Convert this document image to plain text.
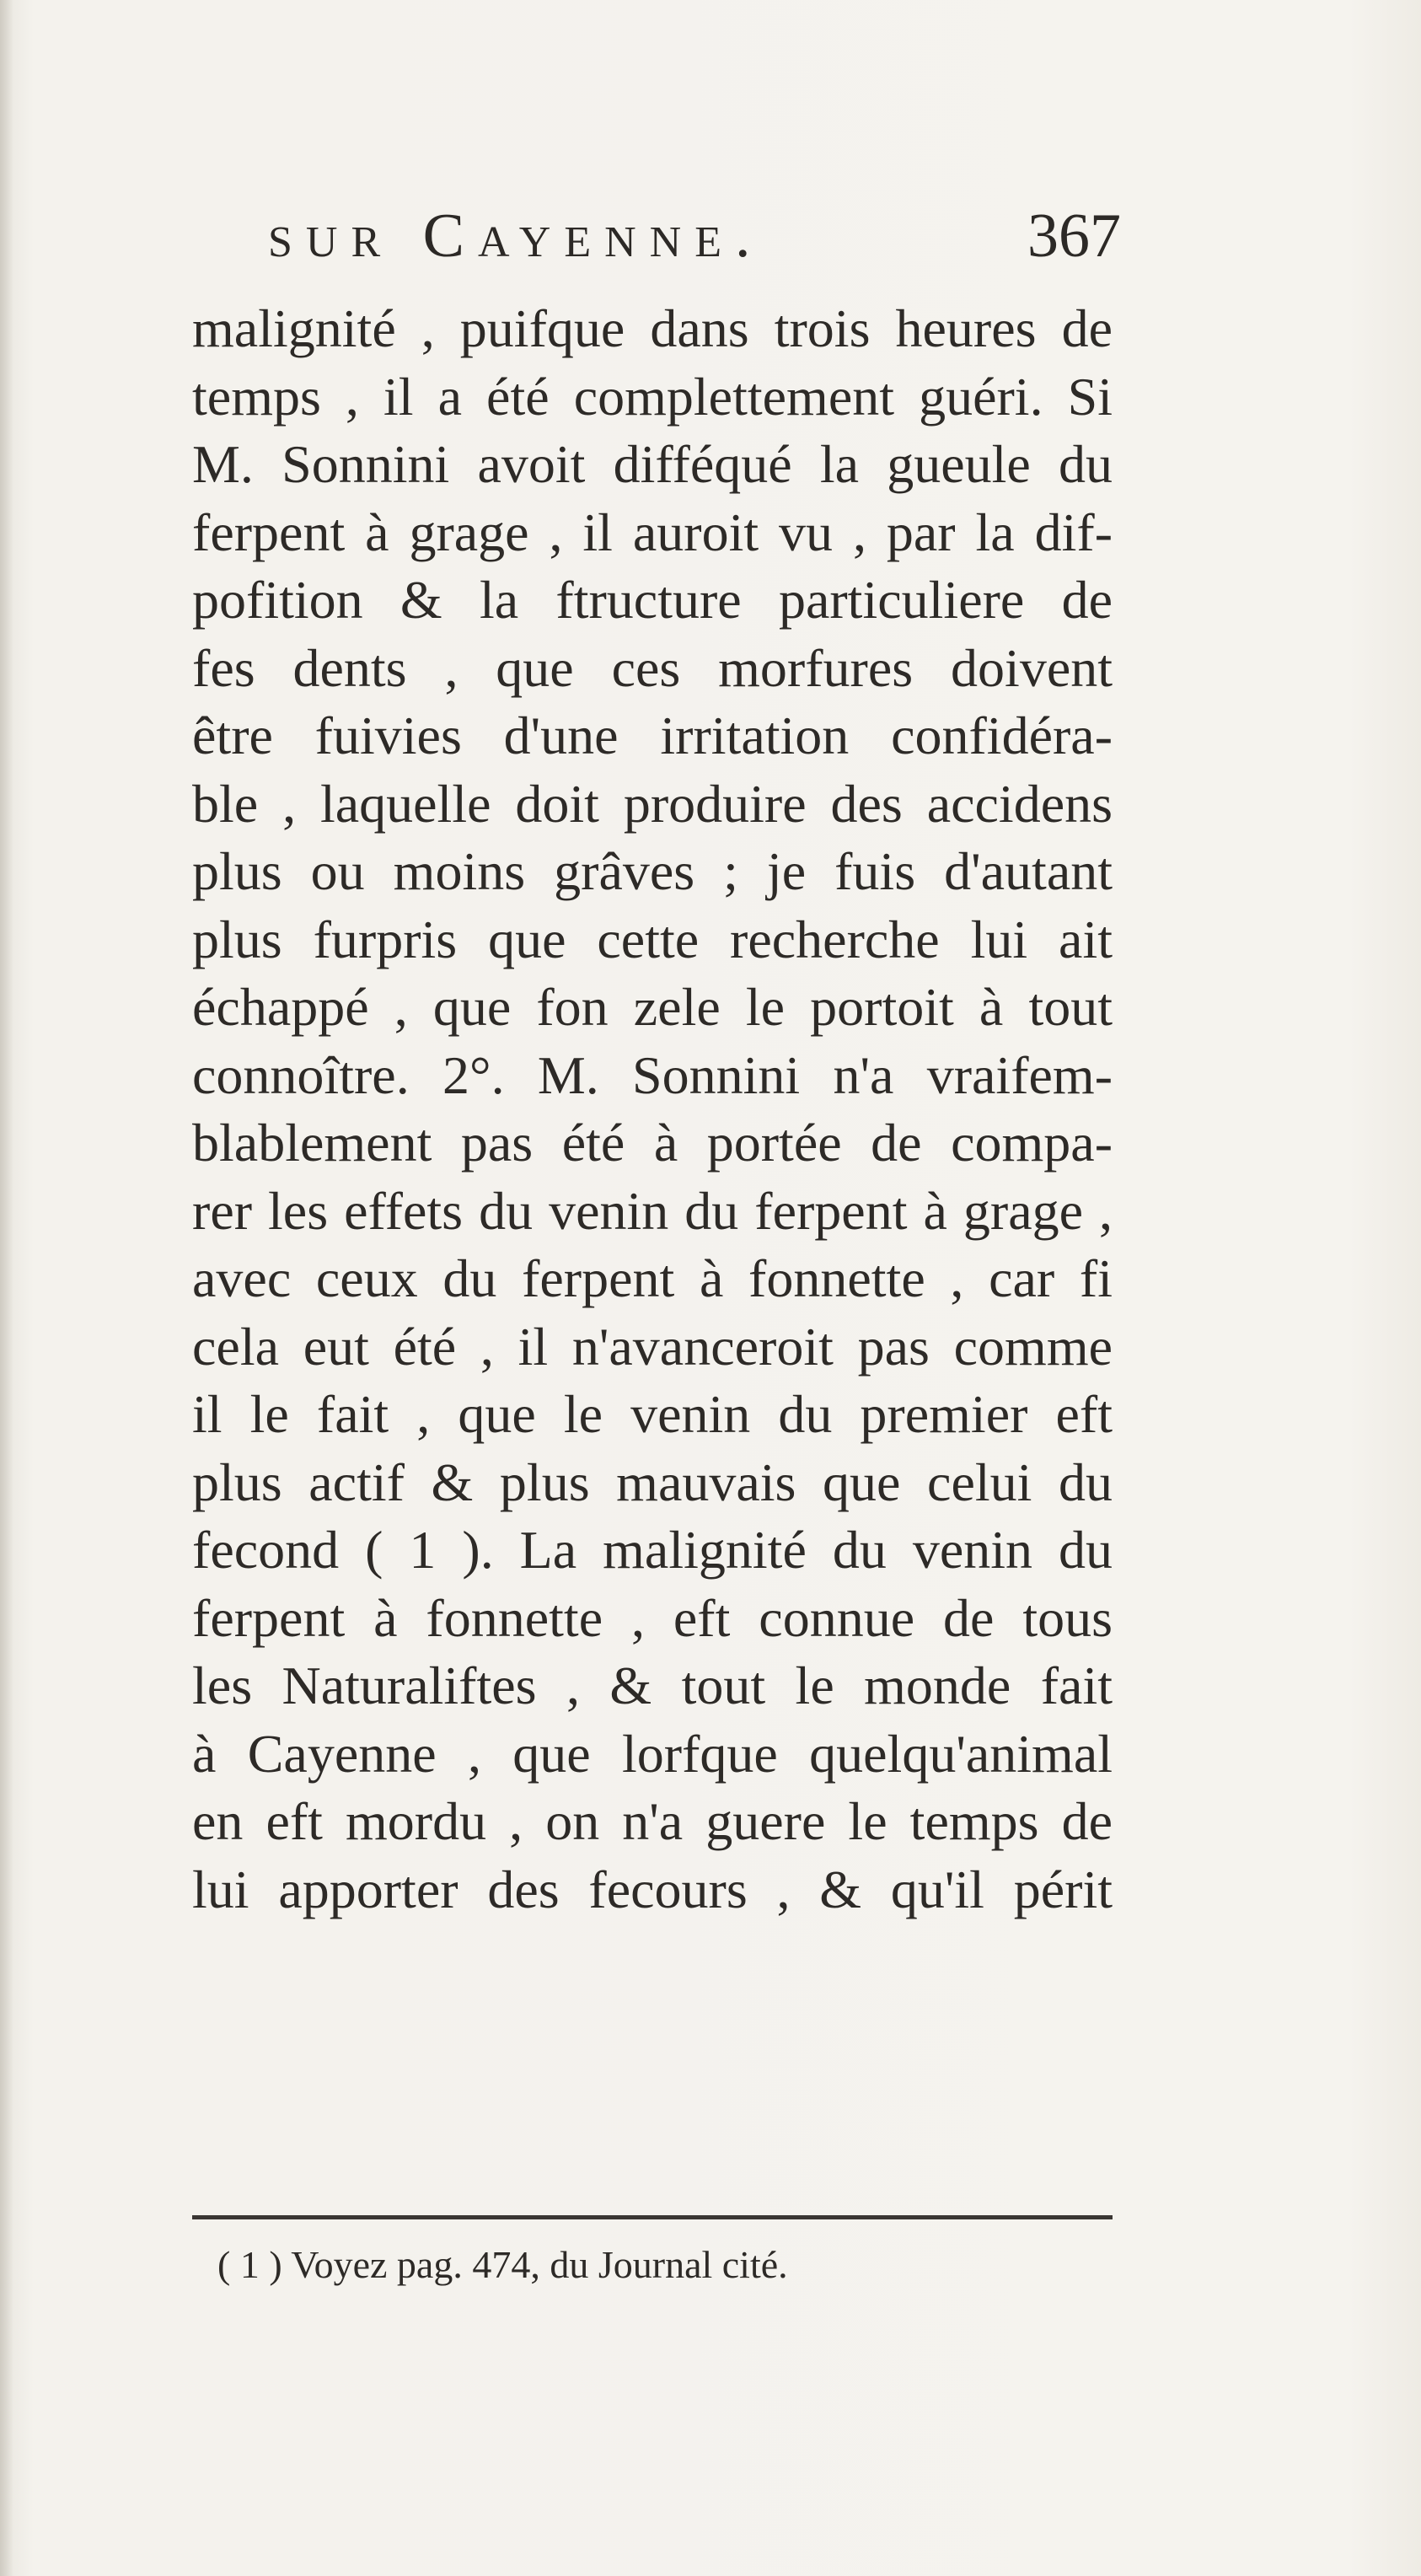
sur Cayenne.	367
malignité , puifque dans trois heures de
temps , il a été complettement guéri. Si
M. Sonnini avoit difféqué la gueule du
ferpent à grage , il auroit vu , par la dif-
pofition & la ftructure particuliere de
fes dents , que ces morfures doivent
être fuivies d'une irritation confidéra-
ble , laquelle doit produire des accidens
plus ou moins grâves ; je fuis d'autant
plus furpris que cette recherche lui ait
échappé , que fon zele le portoit à tout
connoître. 2°. M. Sonnini n'a vraifem-
blablement pas été à portée de compa-
rer les effets du venin du ferpent à grage ,
avec ceux du ferpent à fonnette , car fi
cela eut été , il n'avanceroit pas comme
il le fait , que le venin du premier eft
plus actif & plus mauvais que celui du
fecond ( 1 ). La malignité du venin du
ferpent à fonnette , eft connue de tous
les Naturaliftes , & tout le monde fait
à Cayenne , que lorfque quelqu'animal
en eft mordu , on n'a guere le temps de
lui apporter des fecours , & qu'il périt
( 1 ) Voyez pag. 474, du Journal cité.
